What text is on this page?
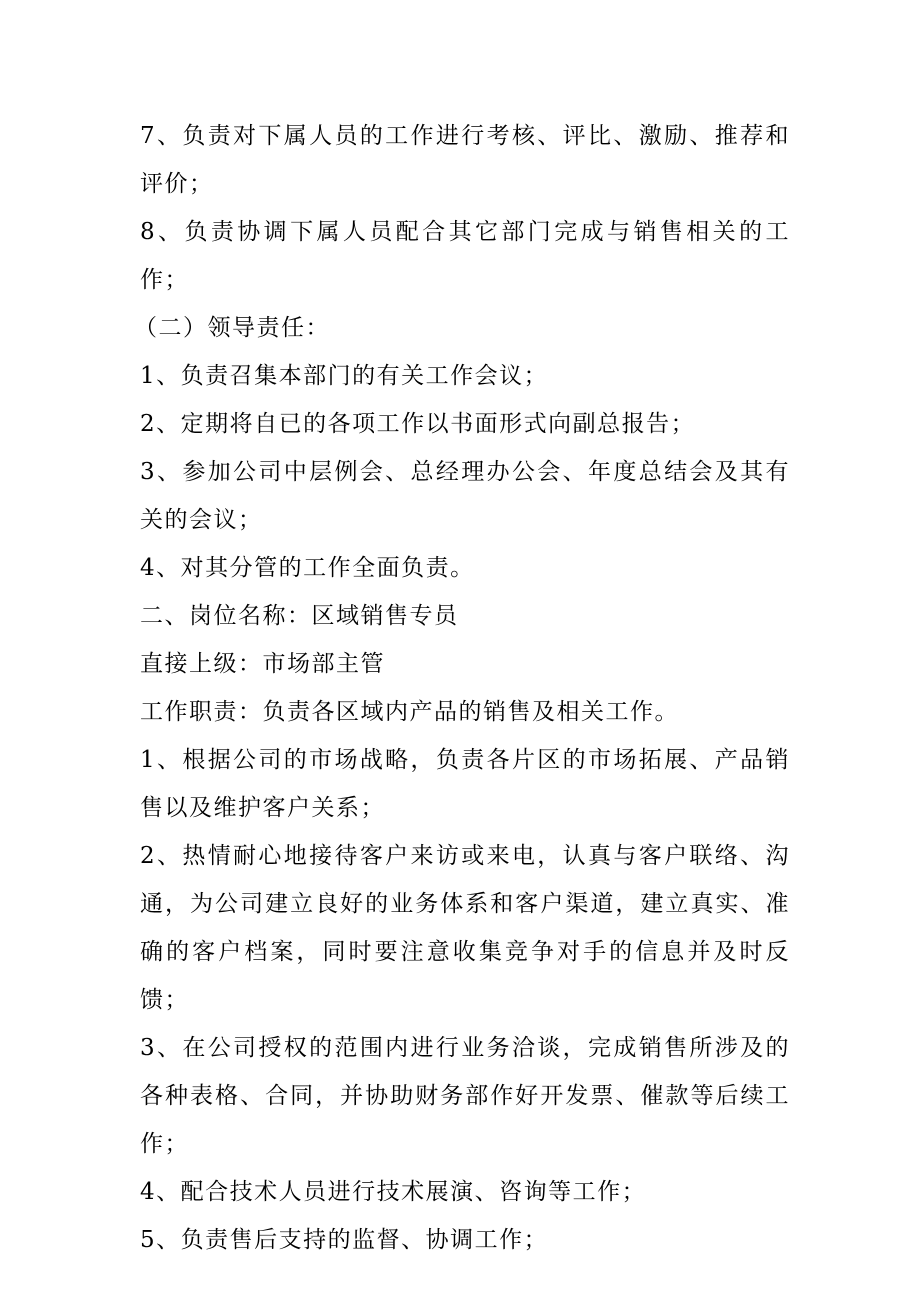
7、负责对下属人员的工作进行考核、评比、激励、推荐和评价；

8、负责协调下属人员配合其它部门完成与销售相关的工作；

（二）领导责任：

1、负责召集本部门的有关工作会议；

2、定期将自已的各项工作以书面形式向副总报告；

3、参加公司中层例会、总经理办公会、年度总结会及其有关的会议；

4、对其分管的工作全面负责。

二、岗位名称：区域销售专员

直接上级：市场部主管

工作职责：负责各区域内产品的销售及相关工作。

1、根据公司的市场战略，负责各片区的市场拓展、产品销售以及维护客户关系；

2、热情耐心地接待客户来访或来电，认真与客户联络、沟通，为公司建立良好的业务体系和客户渠道，建立真实、准确的客户档案，同时要注意收集竞争对手的信息并及时反馈；

3、在公司授权的范围内进行业务洽谈，完成销售所涉及的各种表格、合同，并协助财务部作好开发票、催款等后续工作；

4、配合技术人员进行技术展演、咨询等工作；

5、负责售后支持的监督、协调工作；
